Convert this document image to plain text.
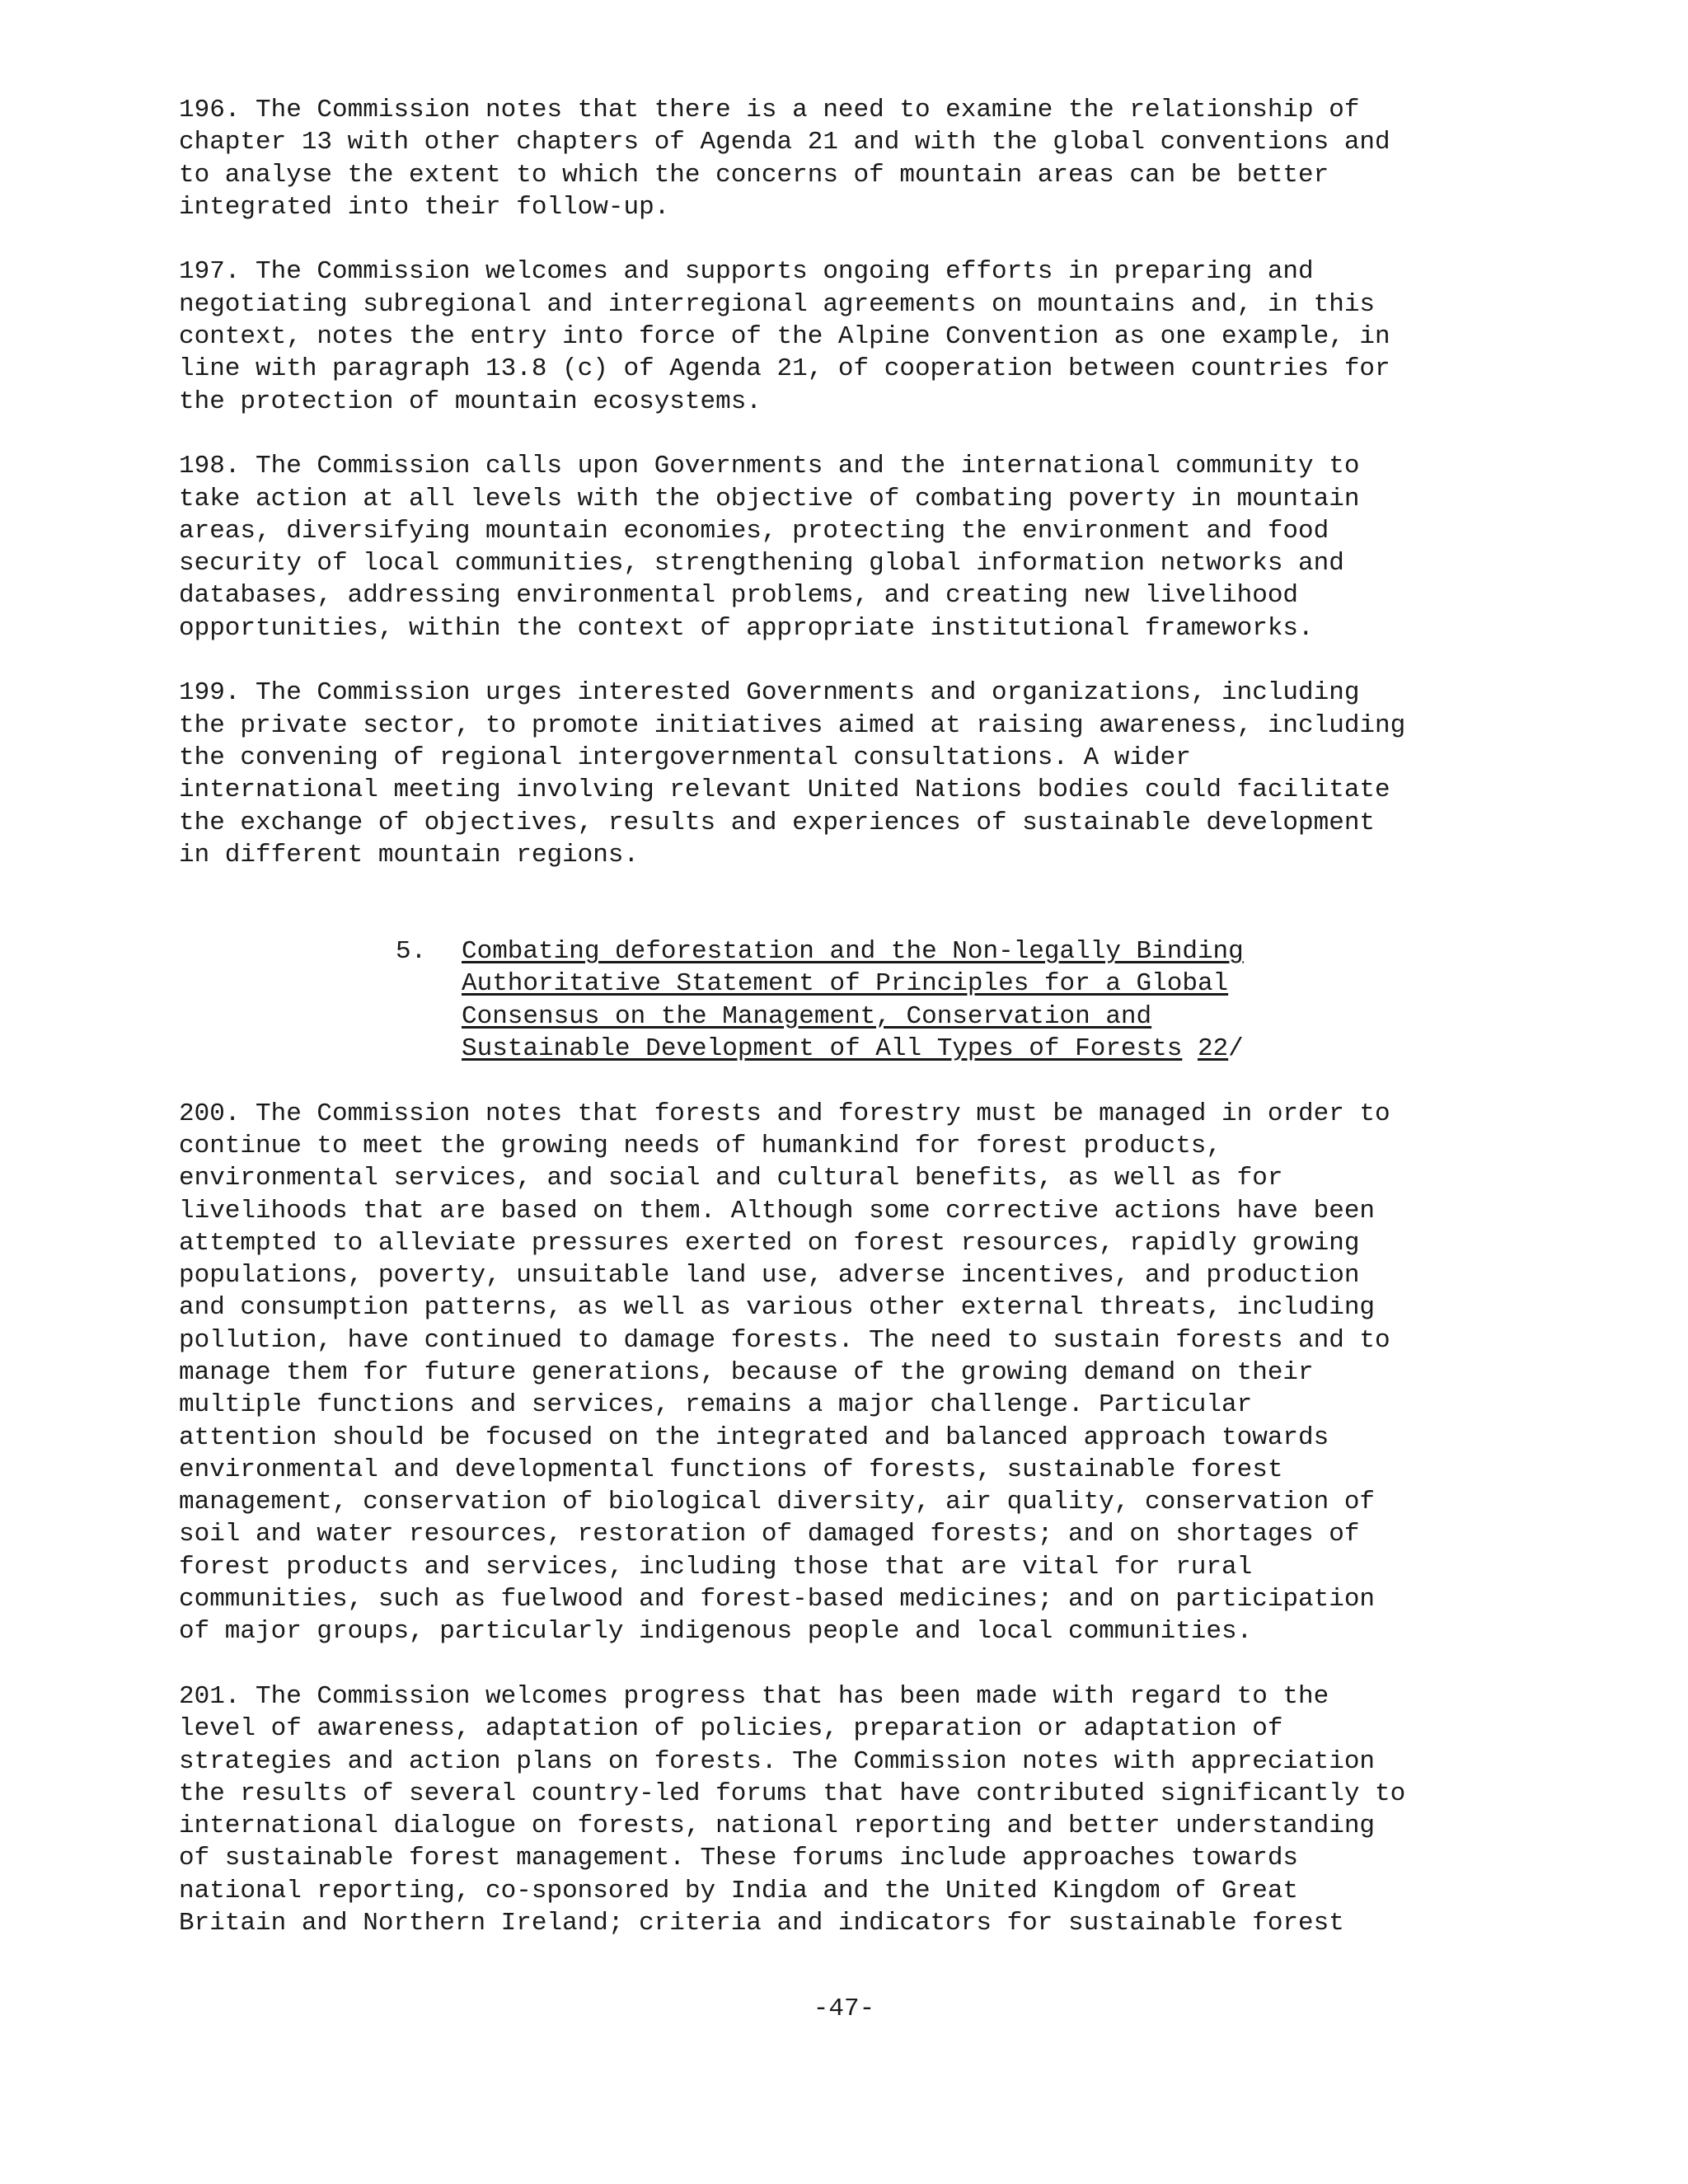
196. The Commission notes that there is a need to examine the relationship of
chapter 13 with other chapters of Agenda 21 and with the global conventions and
to analyse the extent to which the concerns of mountain areas can be better
integrated into their follow-up.

197. The Commission welcomes and supports ongoing efforts in preparing and
negotiating subregional and interregional agreements on mountains and, in this
context, notes the entry into force of the Alpine Convention as one example, in
line with paragraph 13.8 (c) of Agenda 21, of cooperation between countries for
the protection of mountain ecosystems.

198. The Commission calls upon Governments and the international community to
take action at all levels with the objective of combating poverty in mountain
areas, diversifying mountain economies, protecting the environment and food
security of local communities, strengthening global information networks and
databases, addressing environmental problems, and creating new livelihood
opportunities, within the context of appropriate institutional frameworks.

199. The Commission urges interested Governments and organizations, including
the private sector, to promote initiatives aimed at raising awareness, including
the convening of regional intergovernmental consultations. A wider
international meeting involving relevant United Nations bodies could facilitate
the exchange of objectives, results and experiences of sustainable development
in different mountain regions.

5. Combating deforestation and the Non-legally Binding
Authoritative Statement of Principles for a Global
Consensus on the Management, Conservation and
Sustainable Development of All Types of Forests 22/

200. The Commission notes that forests and forestry must be managed in order to
continue to meet the growing needs of humankind for forest products,
environmental services, and social and cultural benefits, as well as for
livelihoods that are based on them. Although some corrective actions have been
attempted to alleviate pressures exerted on forest resources, rapidly growing
populations, poverty, unsuitable land use, adverse incentives, and production
and consumption patterns, as well as various other external threats, including
pollution, have continued to damage forests. The need to sustain forests and to
manage them for future generations, because of the growing demand on their
multiple functions and services, remains a major challenge. Particular
attention should be focused on the integrated and balanced approach towards
environmental and developmental functions of forests, sustainable forest
management, conservation of biological diversity, air quality, conservation of
soil and water resources, restoration of damaged forests; and on shortages of
forest products and services, including those that are vital for rural
communities, such as fuelwood and forest-based medicines; and on participation
of major groups, particularly indigenous people and local communities.

201. The Commission welcomes progress that has been made with regard to the
level of awareness, adaptation of policies, preparation or adaptation of
strategies and action plans on forests. The Commission notes with appreciation
the results of several country-led forums that have contributed significantly to
international dialogue on forests, national reporting and better understanding
of sustainable forest management. These forums include approaches towards
national reporting, co-sponsored by India and the United Kingdom of Great
Britain and Northern Ireland; criteria and indicators for sustainable forest

-47-
